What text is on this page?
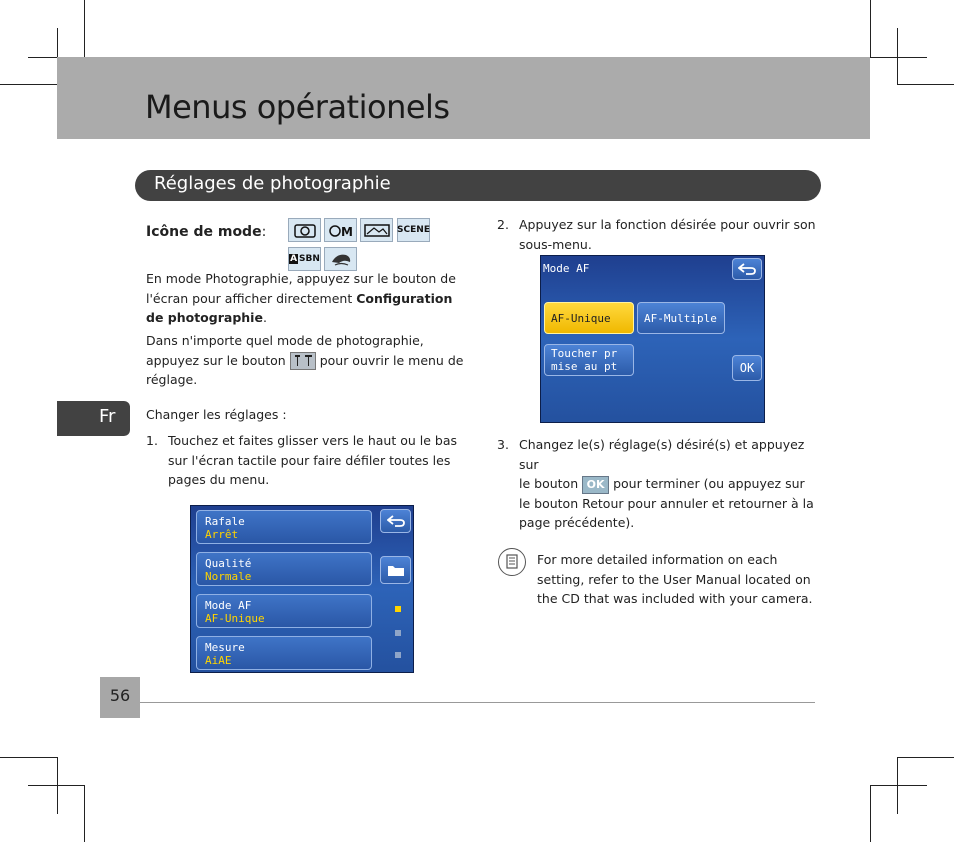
Menus opérationels
Réglages de photographie
Fr
Icône de mode:	M	SCENE
A SBN
En mode Photographie, appuyez sur le bouton de
l'écran pour afficher directement Configuration
de photographie.
Dans n'importe quel mode de photographie,
appuyez sur le bouton  pour ouvrir le menu de
réglage.
Changer les réglages :
1. Touchez et faites glisser vers le haut ou le bas
sur l'écran tactile pour faire défiler toutes les
pages du menu.
Rafale
Arrêt
Qualité
Normale
Mode AF
AF-Unique
Mesure
AiAE
2. Appuyez sur la fonction désirée pour ouvrir son
sous-menu.
Mode AF
AF-Unique	AF-Multiple
Toucher pr
mise au pt	OK
3. Changez le(s) réglage(s) désiré(s) et appuyez sur
le bouton OK pour terminer (ou appuyez sur
le bouton Retour pour annuler et retourner à la
page précédente).
For more detailed information on each
setting, refer to the User Manual located on
the CD that was included with your camera.
56
